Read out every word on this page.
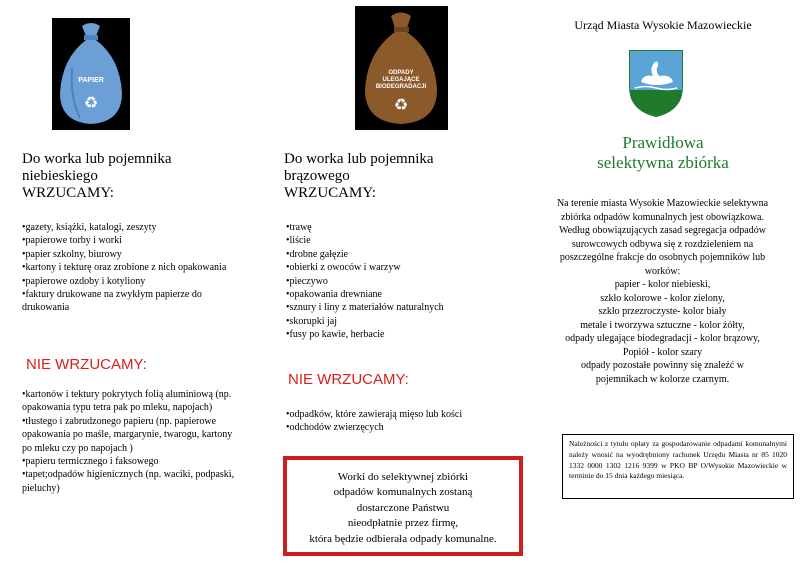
PAPIER
♻
Do worka lub pojemnika
niebieskiego
WRZUCAMY:
• gazety, książki, katalogi, zeszyty
• papierowe torby i worki
• papier szkolny, biurowy
• kartony i tekturę oraz zrobione z nich opakowania
• papierowe ozdoby i kotyliony
• faktury drukowane na zwykłym papierze do drukowania
NIE WRZUCAMY:
• kartonów i tektury pokrytych folią aluminiową (np. opakowania typu tetra pak po mleku, napojach)
• tłustego i zabrudzonego papieru (np. papierowe opakowania po maśle, margarynie, twarogu, kartony po mleku czy po napojach )
• papieru termicznego i faksowego
• tapet;odpadów higienicznych (np. waciki, podpaski, pieluchy)
ODPADY
ULEGAJĄCE
BIODEGRADACJI
♻
Do worka lub pojemnika
brązowego
WRZUCAMY:
• trawę
• liście
• drobne gałęzie
• obierki z owoców i warzyw
• pieczywo
• opakowania drewniane
• sznury i liny z materiałów naturalnych
• skorupki jaj
• fusy po kawie, herbacie
NIE WRZUCAMY:
• odpadków, które zawierają mięso lub kości
• odchodów zwierzęcych
Worki do selektywnej zbiórki
odpadów komunalnych zostaną
dostarczone Państwu
nieodpłatnie przez firmę,
która będzie odbierała odpady komunalne.
Urząd Miasta Wysokie Mazowieckie
Prawidłowa
selektywna zbiórka
Na terenie miasta Wysokie Mazowieckie selektywna
zbiórka odpadów komunalnych jest obowiązkowa.
Według obowiązujących zasad segregacja odpadów
surowcowych odbywa się z rozdzieleniem na
poszczególne frakcje do osobnych pojemników lub
worków:
papier - kolor niebieski,
szkło kolorowe - kolor zielony,
szkło przezroczyste- kolor biały
metale i tworzywa sztuczne - kolor żółty,
odpady ulegające biodegradacji - kolor brązowy,
Popiół - kolor szary
odpady pozostałe powinny się znaleźć w
pojemnikach w kolorze czarnym.
Należności z tytułu opłaty za gospodarowanie odpadami komunalnymi należy wnosić na wyodrębniony rachunek Urzędu Miasta nr 85 1020 1332 0000 1302 1216 9399 w PKO BP O/Wysokie Mazowieckie w terminie do 15 dnia każdego miesiąca.
